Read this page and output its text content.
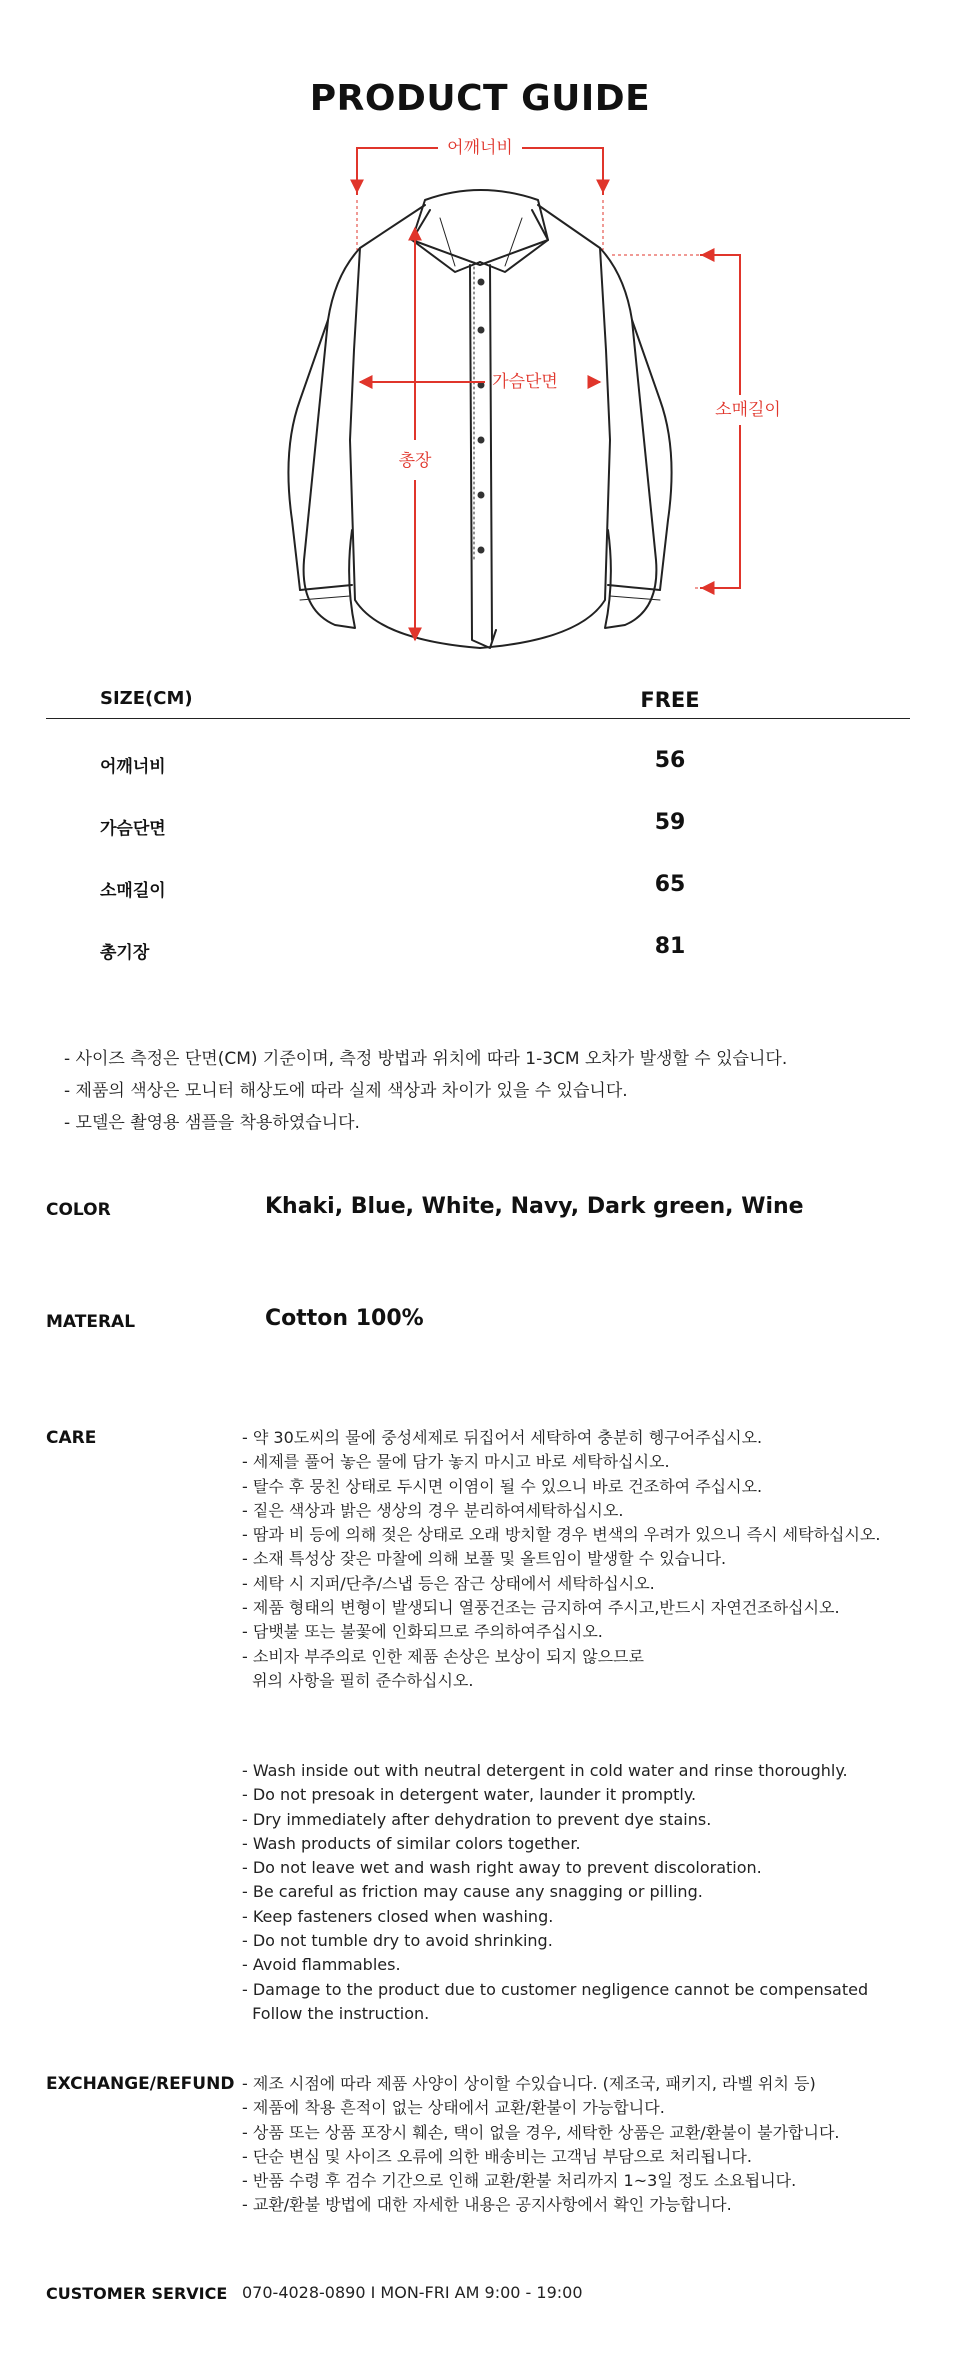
PRODUCT GUIDE
어깨너비
가슴단면
총장
소매길이
SIZE(CM)	FREE
어깨너비	56
가슴단면	59
소매길이	65
총기장	81
- 사이즈 측정은 단면(CM) 기준이며, 측정 방법과 위치에 따라 1-3CM 오차가 발생할 수 있습니다.
- 제품의 색상은 모니터 해상도에 따라 실제 색상과 차이가 있을 수 있습니다.
- 모델은 촬영용 샘플을 착용하였습니다.
COLOR	Khaki, Blue, White, Navy, Dark green, Wine
MATERAL	Cotton 100%
CARE	- 약 30도씨의 물에 중성세제로 뒤집어서 세탁하여 충분히 헹구어주십시오.
- 세제를 풀어 놓은 물에 담가 놓지 마시고 바로 세탁하십시오.
- 탈수 후 뭉친 상태로 두시면 이염이 될 수 있으니 바로 건조하여 주십시오.
- 짙은 색상과 밝은 생상의 경우 분리하여세탁하십시오.
- 땀과 비 등에 의해 젖은 상태로 오래 방치할 경우 변색의 우려가 있으니 즉시 세탁하십시오.
- 소재 특성상 잦은 마찰에 의해 보풀 및 올트임이 발생할 수 있습니다.
- 세탁 시 지퍼/단추/스냅 등은 잠근 상태에서 세탁하십시오.
- 제품 형태의 변형이 발생되니 열풍건조는 금지하여 주시고,반드시 자연건조하십시오.
- 담뱃불 또는 불꽃에 인화되므로 주의하여주십시오.
- 소비자 부주의로 인한 제품 손상은 보상이 되지 않으므로
위의 사항을 필히 준수하십시오.
- Wash inside out with neutral detergent in cold water and rinse thoroughly.
- Do not presoak in detergent water, launder it promptly.
- Dry immediately after dehydration to prevent dye stains.
- Wash products of similar colors together.
- Do not leave wet and wash right away to prevent discoloration.
- Be careful as friction may cause any snagging or pilling.
- Keep fasteners closed when washing.
- Do not tumble dry to avoid shrinking.
- Avoid flammables.
- Damage to the product due to customer negligence cannot be compensated
Follow the instruction.
EXCHANGE/REFUND - 제조 시점에 따라 제품 사양이 상이할 수있습니다. (제조국, 패키지, 라벨 위치 등)
- 제품에 착용 흔적이 없는 상태에서 교환/환불이 가능합니다.
- 상품 또는 상품 포장시 훼손, 택이 없을 경우, 세탁한 상품은 교환/환불이 불가합니다.
- 단순 변심 및 사이즈 오류에 의한 배송비는 고객님 부담으로 처리됩니다.
- 반품 수령 후 검수 기간으로 인해 교환/환불 처리까지 1~3일 정도 소요됩니다.
- 교환/환불 방법에 대한 자세한 내용은 공지사항에서 확인 가능합니다.
CUSTOMER SERVICE 070-4028-0890 I MON-FRI AM 9:00 - 19:00
